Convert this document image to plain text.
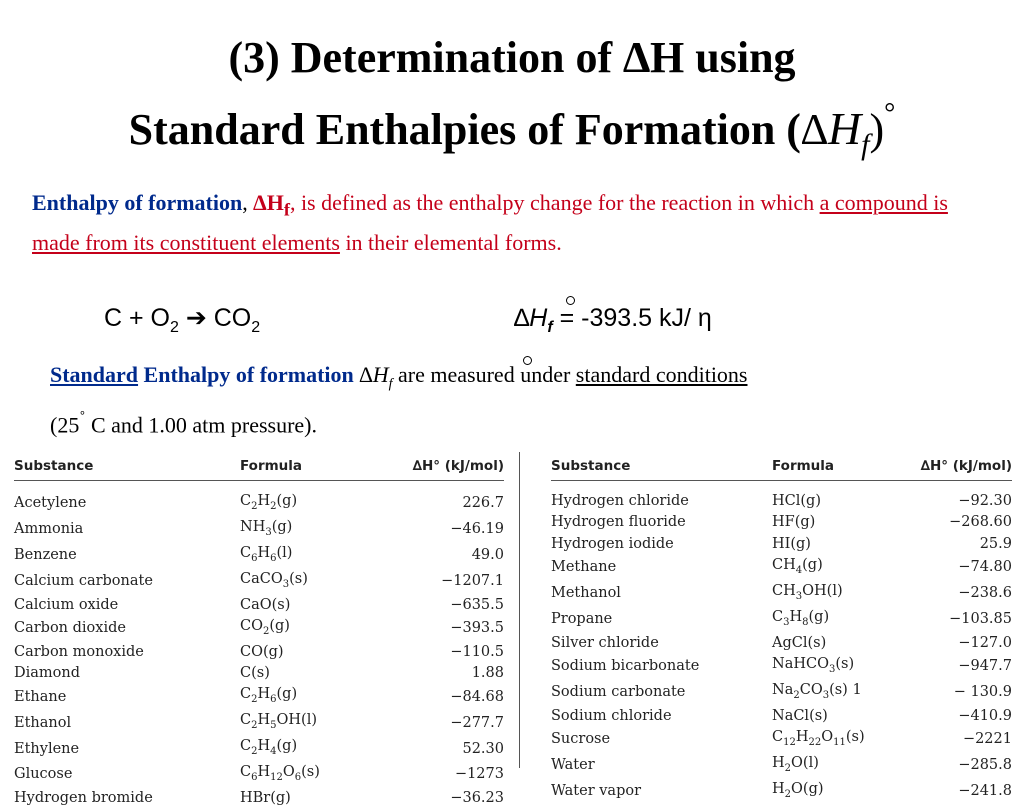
(3) Determination of ∆H using
Standard Enthalpies of Formation $(\Delta H_f)^\circ$
Enthalpy of formation, $\Delta H_f$, is defined as the enthalpy change for the reaction in which a compound is made from its constituent elements in their elemental forms.
$C + O_2$ ➔ $CO_2$	$\Delta H_f = -393.5$ kJ/ η
Standard Enthalpy of formation $\Delta H_f$ are measured under standard conditions
(25˚ C and 1.00 atm pressure).
Substance	Formula	∆H° (kJ/mol)

Acetylene	$C_2H_2(g)$	226.7
Ammonia	$NH_3(g)$	−46.19
Benzene	$C_6H_6(l)$	49.0
Calcium carbonate	CaCO$_3$(s)	−1207.1
Calcium oxide	CaO(s)	−635.5
Carbon dioxide	$CO_2(g)$	−393.5
Carbon monoxide	CO(g)	−110.5
Diamond	C(s)	1.88
Ethane	$C_2H_6(g)$	−84.68
Ethanol	$C_2H_5OH(l)$	−277.7
Ethylene	$C_2H_4(g)$	52.30
Glucose	$C_6H_{12}O_6(s)$	−1273
Hydrogen bromide	HBr(g)	−36.23
Substance	Formula	∆H° (kJ/mol)

Hydrogen chloride	HCl(g)	−92.30
Hydrogen fluoride	HF(g)	−268.60
Hydrogen iodide	HI(g)	25.9
Methane	$CH_4(g)$	−74.80
Methanol	$CH_3OH(l)$	−238.6
Propane	$C_3H_8(g)$	−103.85
Silver chloride	AgCl(s)	−127.0
Sodium bicarbonate	NaHCO$_3$(s)	−947.7
Sodium carbonate	$Na_2CO_3(s)$ 1	− 130.9
Sodium chloride	NaCl(s)	−410.9
Sucrose	$C_{12}H_{22}O_{11}(s)$	−2221
Water	$H_2O(l)$	−285.8
Water vapor	$H_2O(g)$	−241.8
